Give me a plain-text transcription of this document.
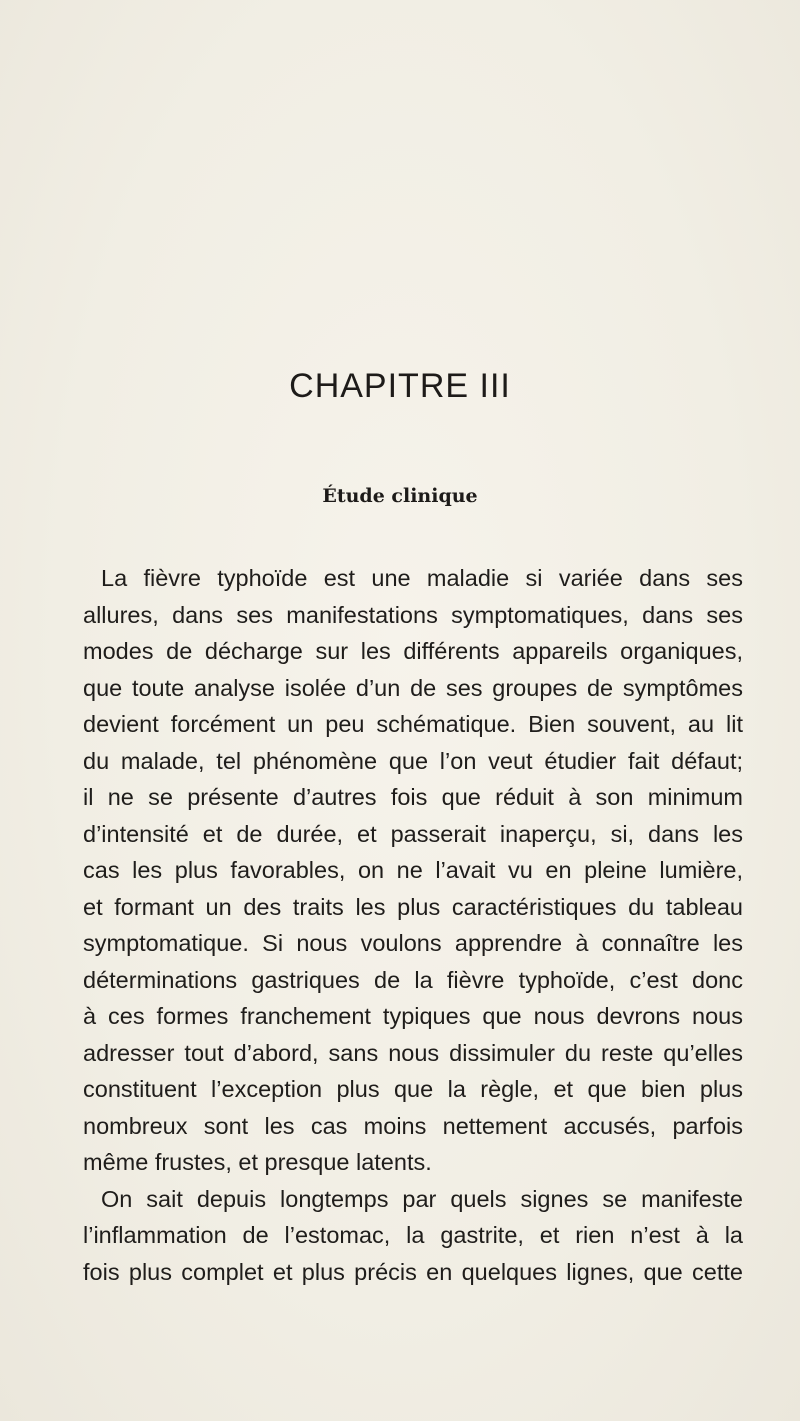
CHAPITRE III
Étude clinique
La fièvre typhoïde est une maladie si variée dans ses
allures, dans ses manifestations symptomatiques, dans ses
modes de décharge sur les différents appareils organiques,
que toute analyse isolée d’un de ses groupes de symptômes
devient forcément un peu schématique. Bien souvent, au lit
du malade, tel phénomène que l’on veut étudier fait défaut;
il ne se présente d’autres fois que réduit à son minimum
d’intensité et de durée, et passerait inaperçu, si, dans les
cas les plus favorables, on ne l’avait vu en pleine lumière,
et formant un des traits les plus caractéristiques du tableau
symptomatique. Si nous voulons apprendre à connaître les
déterminations gastriques de la fièvre typhoïde, c’est donc
à ces formes franchement typiques que nous devrons nous
adresser tout d’abord, sans nous dissimuler du reste qu’elles
constituent l’exception plus que la règle, et que bien plus
nombreux sont les cas moins nettement accusés, parfois
même frustes, et presque latents.
On sait depuis longtemps par quels signes se manifeste
l’inflammation de l’estomac, la gastrite, et rien n’est à la
fois plus complet et plus précis en quelques lignes, que cette
